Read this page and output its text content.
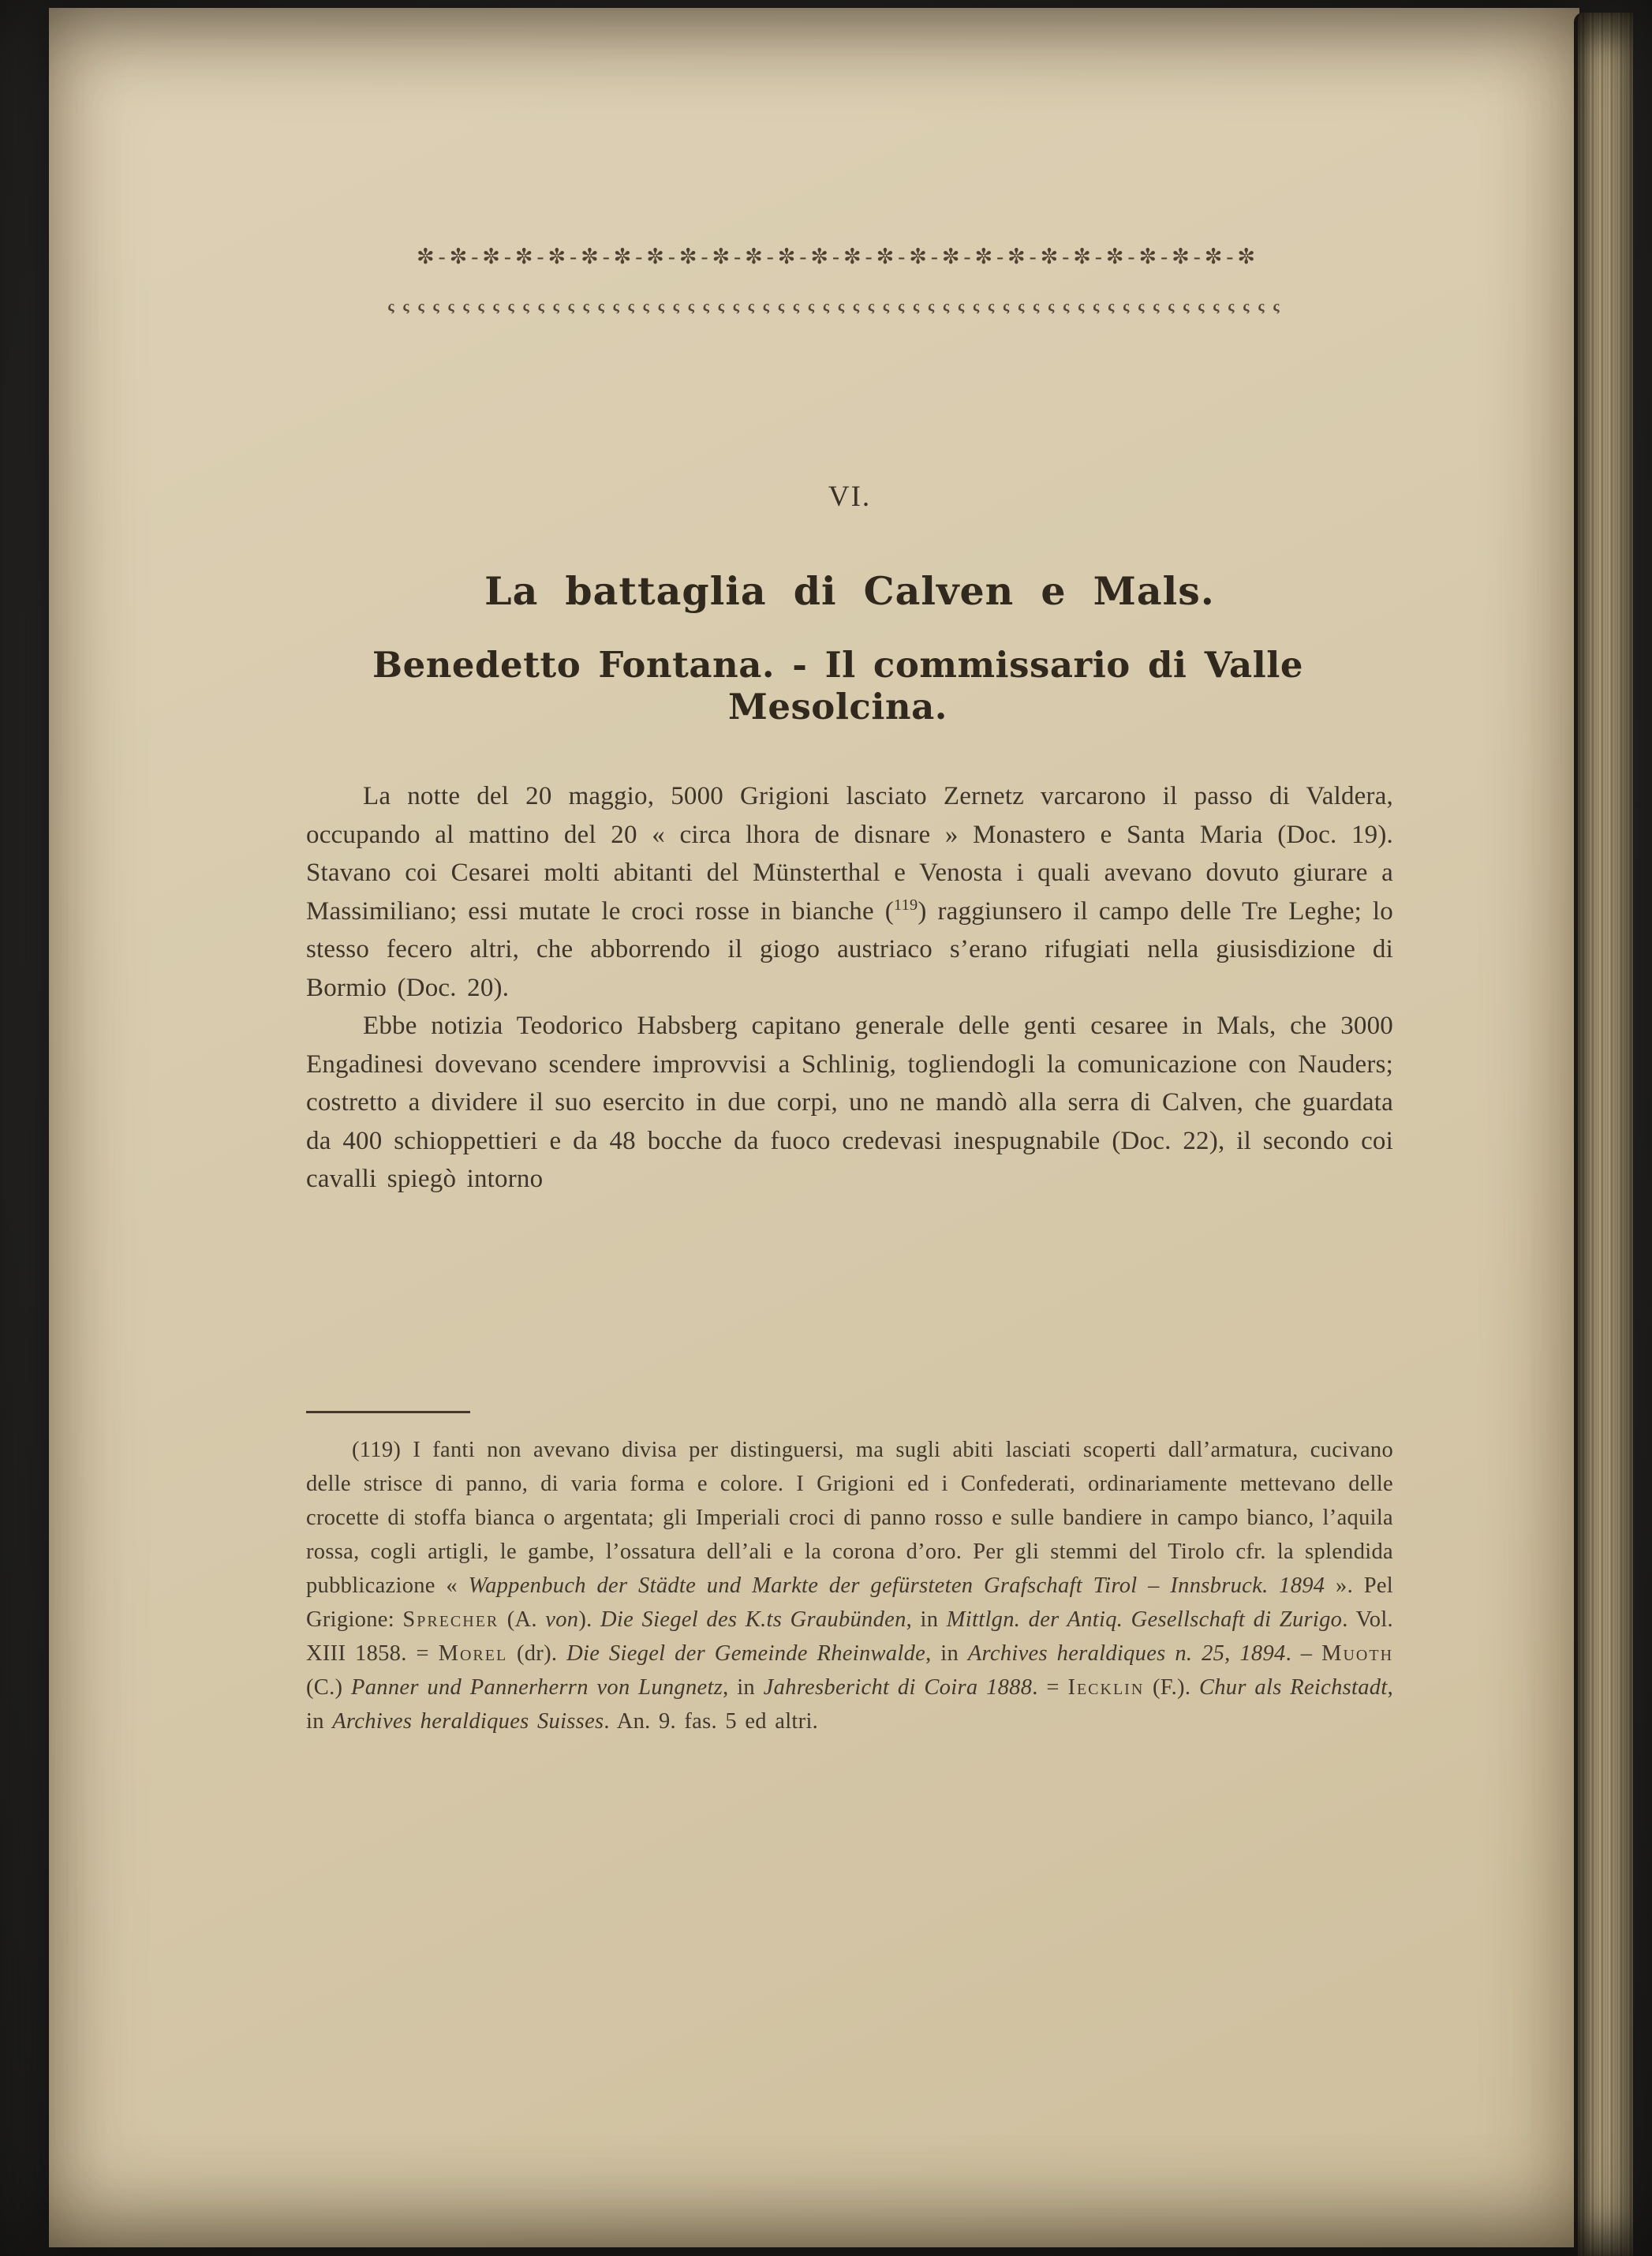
✼-✼-✼-✼-✼-✼-✼-✼-✼-✼-✼-✼-✼-✼-✼-✼-✼-✼-✼-✼-✼-✼-✼-✼-✼-✼
ςςςςςςςςςςςςςςςςςςςςςςςςςςςςςςςςςςςςςςςςςςςςςςςςςςςςςςςςςςςς
VI.
La battaglia di Calven e Mals.
Benedetto Fontana. - Il commissario di Valle Mesolcina.

La notte del 20 maggio, 5000 Grigioni lasciato Zernetz varcarono il passo di Valdera, occupando al mattino del 20 « circa lhora de disnare » Monastero e Santa Maria (Doc. 19). Stavano coi Cesarei molti abitanti del Münsterthal e Venosta i quali avevano dovuto giurare a Massimiliano; essi mutate le croci rosse in bianche ($^{119}$) raggiunsero il campo delle Tre Leghe; lo stesso fecero altri, che abborrendo il giogo austriaco s’erano rifugiati nella giusisdizione di Bormio (Doc. 20).

Ebbe notizia Teodorico Habsberg capitano generale delle genti cesaree in Mals, che 3000 Engadinesi dovevano scendere improvvisi a Schlinig, togliendogli la comunicazione con Nauders; costretto a dividere il suo esercito in due corpi, uno ne mandò alla serra di Calven, che guardata da 400 schioppettieri e da 48 bocche da fuoco credevasi inespugnabile (Doc. 22), il secondo coi cavalli spiegò intorno

(119) I fanti non avevano divisa per distinguersi, ma sugli abiti lasciati scoperti dall’armatura, cucivano delle strisce di panno, di varia forma e colore. I Grigioni ed i Confederati, ordinariamente mettevano delle crocette di stoffa bianca o argentata; gli Imperiali croci di panno rosso e sulle bandiere in campo bianco, l’aquila rossa, cogli artigli, le gambe, l’ossatura dell’ali e la corona d’oro. Per gli stemmi del Tirolo cfr. la splendida pubblicazione « Wappenbuch der Städte und Markte der gefürsteten Grafschaft Tirol – Innsbruck. 1894 ». Pel Grigione: Sprecher (A. von). Die Siegel des K.ts Graubünden, in Mittlgn. der Antiq. Gesellschaft di Zurigo. Vol. XIII 1858. = Morel (dr). Die Siegel der Gemeinde Rheinwalde, in Archives heraldiques n. 25, 1894. – Muoth (C.) Panner und Pannerherrn von Lungnetz, in Jahresbericht di Coira 1888. = Iecklin (F.). Chur als Reichstadt, in Archives heraldiques Suisses. An. 9. fas. 5 ed altri.
